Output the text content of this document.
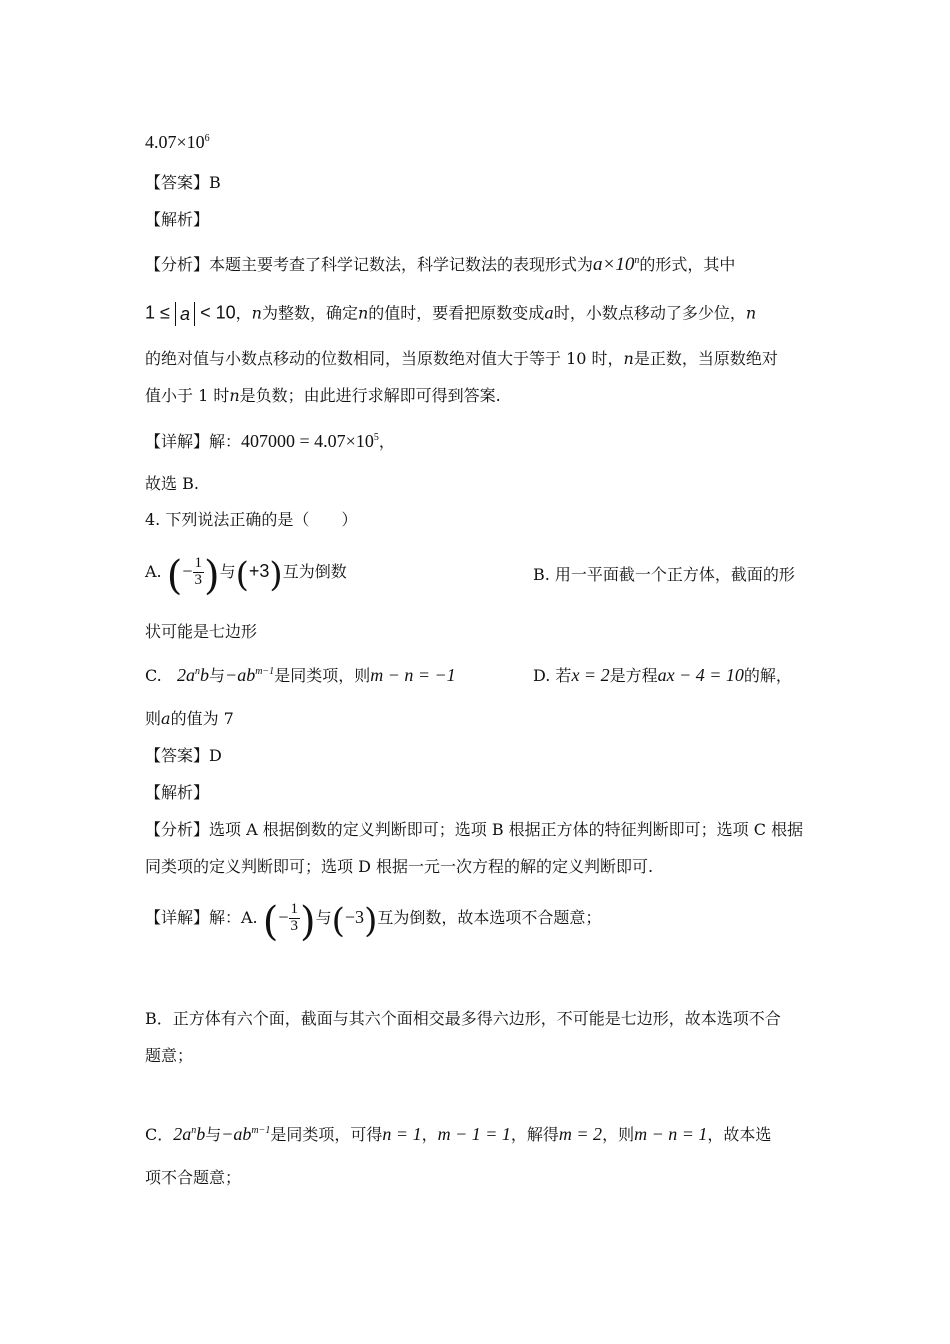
$4.07\times 10^6$
【答案】B
【解析】
【分析】本题主要考查了科学记数法，科学记数法的表现形式为$a\times 10^n$的形式，其中
1 ≤ a < 10，n为整数，确定n的值时，要看把原数变成a时，小数点移动了多少位，n
的绝对值与小数点移动的位数相同，当原数绝对值大于等于 10 时，n是正数，当原数绝对
值小于 1 时n是负数；由此进行求解即可得到答案.
【详解】解：$407000 = 4.07\times 10^5$，
故选 B.
4. 下列说法正确的是（　　）
A. (− $\frac{1}{3}$ )与(+3)互为倒数	B. 用一平面截一个正方体，截面的形
状可能是七边形
C. $2a^nb$与$-ab^{m-1}$是同类项，则m − n = −1	D. 若x = 2是方程ax − 4 = 10的解，
则a的值为 7
【答案】D
【解析】
【分析】选项 A 根据倒数的定义判断即可；选项 B 根据正方体的特征判断即可；选项 C 根据
同类项的定义判断即可；选项 D 根据一元一次方程的解的定义判断即可.
【详解】解：A. (− $\frac{1}{3}$ )与(−3)互为倒数，故本选项不合题意；
B．正方体有六个面，截面与其六个面相交最多得六边形，不可能是七边形，故本选项不合
题意；
C．$2a^nb$与$-ab^{m-1}$是同类项，可得n = 1，m − 1 = 1，解得m = 2，则m − n = 1，故本选
项不合题意；
